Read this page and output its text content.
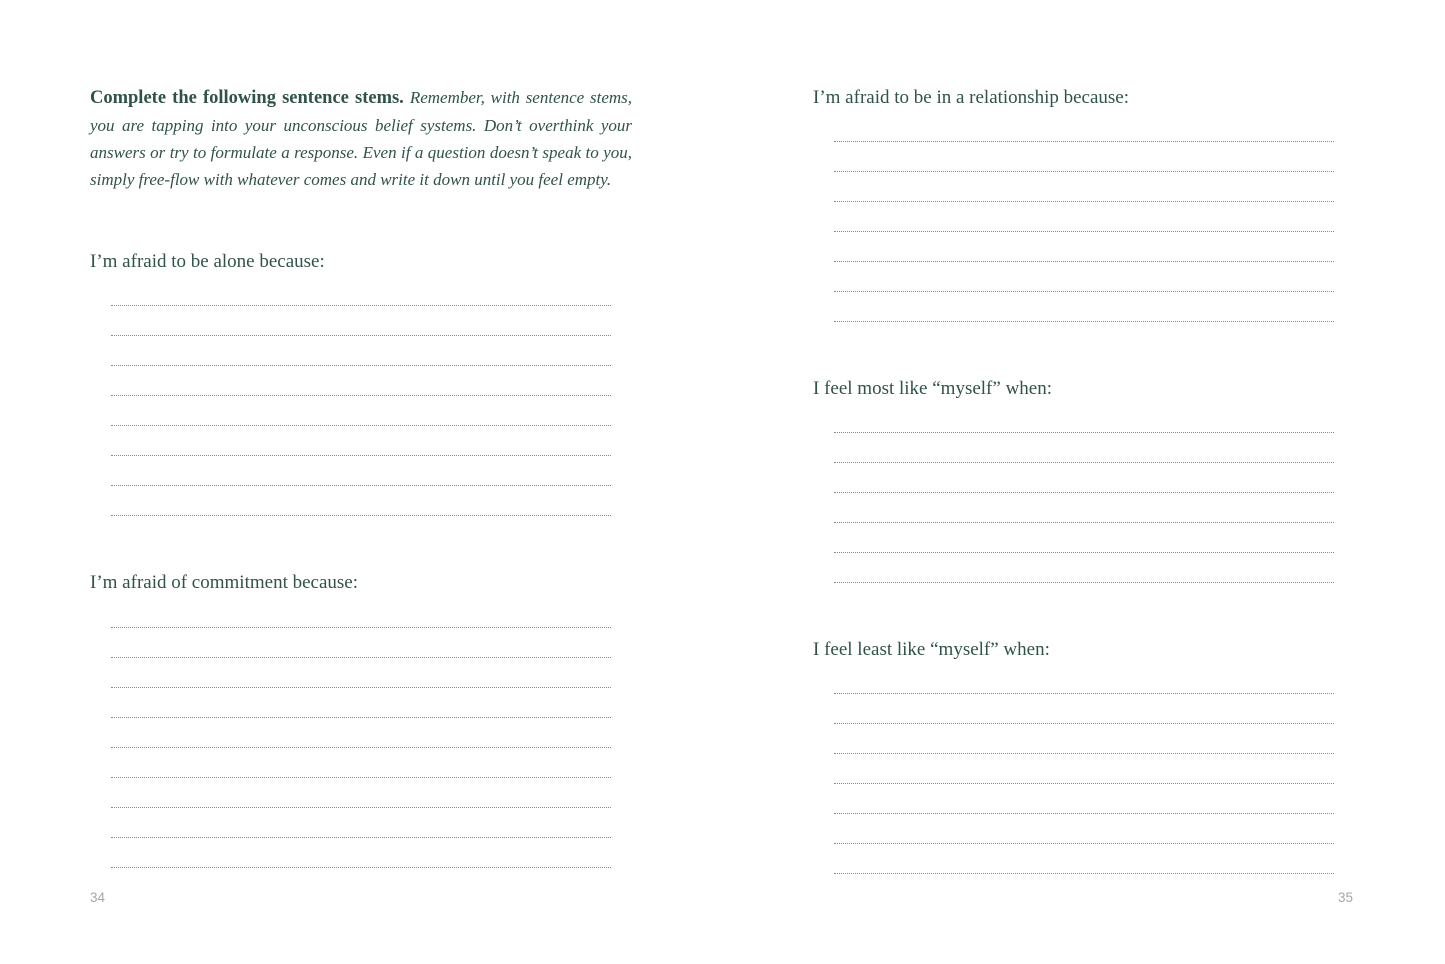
Complete the following sentence stems. Remember, with sentence stems, you are tapping into your unconscious belief systems. Don’t overthink your answers or try to formulate a response. Even if a question doesn’t speak to you, simply free-flow with whatever comes and write it down until you feel empty.

I’m afraid to be alone because:

I’m afraid of commitment because:

34

I’m afraid to be in a relationship because:

I feel most like “myself” when:

I feel least like “myself” when:

35
